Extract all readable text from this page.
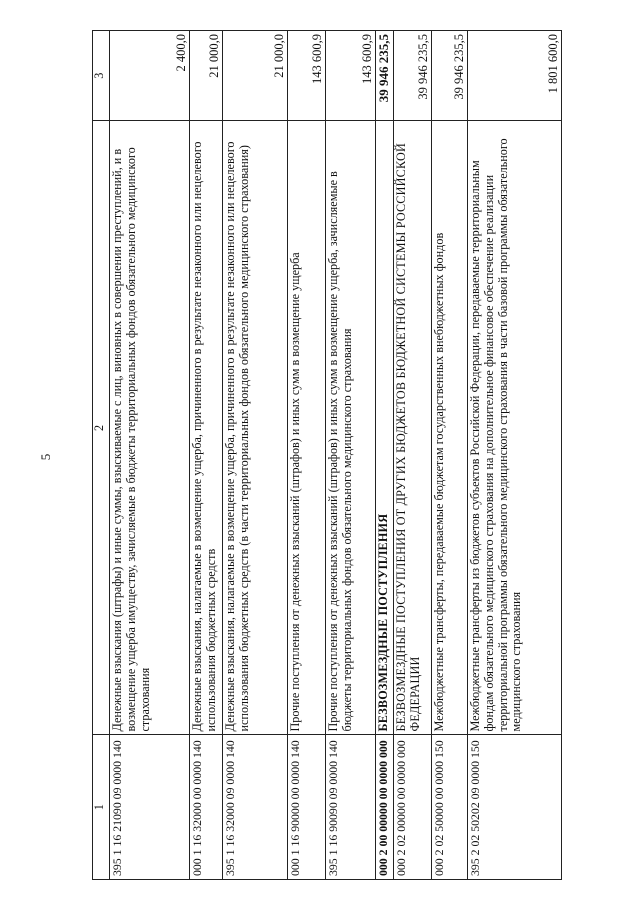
5
1	2	3
395 1 16 21090 09 0000 140	Денежные взыскания (штрафы) и иные суммы, взыскиваемые с лиц, виновных в совершении преступлений, и в возмещение ущерба имуществу, зачисляемые в бюджеты территориальных фондов обязательного медицинского страхования	2 400,0
000 1 16 32000 00 0000 140	Денежные взыскания, налагаемые в возмещение ущерба, причиненного в результате незаконного или нецелевого использования бюджетных средств	21 000,0
395 1 16 32000 09 0000 140	Денежные взыскания, налагаемые в возмещение ущерба, причиненного в результате незаконного или нецелевого использования бюджетных средств (в части территориальных фондов обязательного медицинского страхования)	21 000,0
000 1 16 90000 00 0000 140	Прочие поступления от денежных взысканий (штрафов) и иных сумм в возмещение ущерба	143 600,9
395 1 16 90090 09 0000 140	Прочие поступления от денежных взысканий (штрафов) и иных сумм в возмещение ущерба, зачисляемые в бюджеты территориальных фондов обязательного медицинского страхования	143 600,9
000 2 00 00000 00 0000 000	БЕЗВОЗМЕЗДНЫЕ ПОСТУПЛЕНИЯ	39 946 235,5
000 2 02 00000 00 0000 000	БЕЗВОЗМЕЗДНЫЕ ПОСТУПЛЕНИЯ ОТ ДРУГИХ БЮДЖЕТОВ БЮДЖЕТНОЙ СИСТЕМЫ РОССИЙСКОЙ ФЕДЕРАЦИИ	39 946 235,5
000 2 02 50000 00 0000 150	Межбюджетные трансферты, передаваемые бюджетам государственных внебюджетных фондов	39 946 235,5
395 2 02 50202 09 0000 150	Межбюджетные трансферты из бюджетов субъектов Российской Федерации, передаваемые территориальным фондам обязательного медицинского страхования на дополнительное финансовое обеспечение реализации территориальной программы обязательного медицинского страхования в части базовой программы обязательного медицинского страхования	1 801 600,0
